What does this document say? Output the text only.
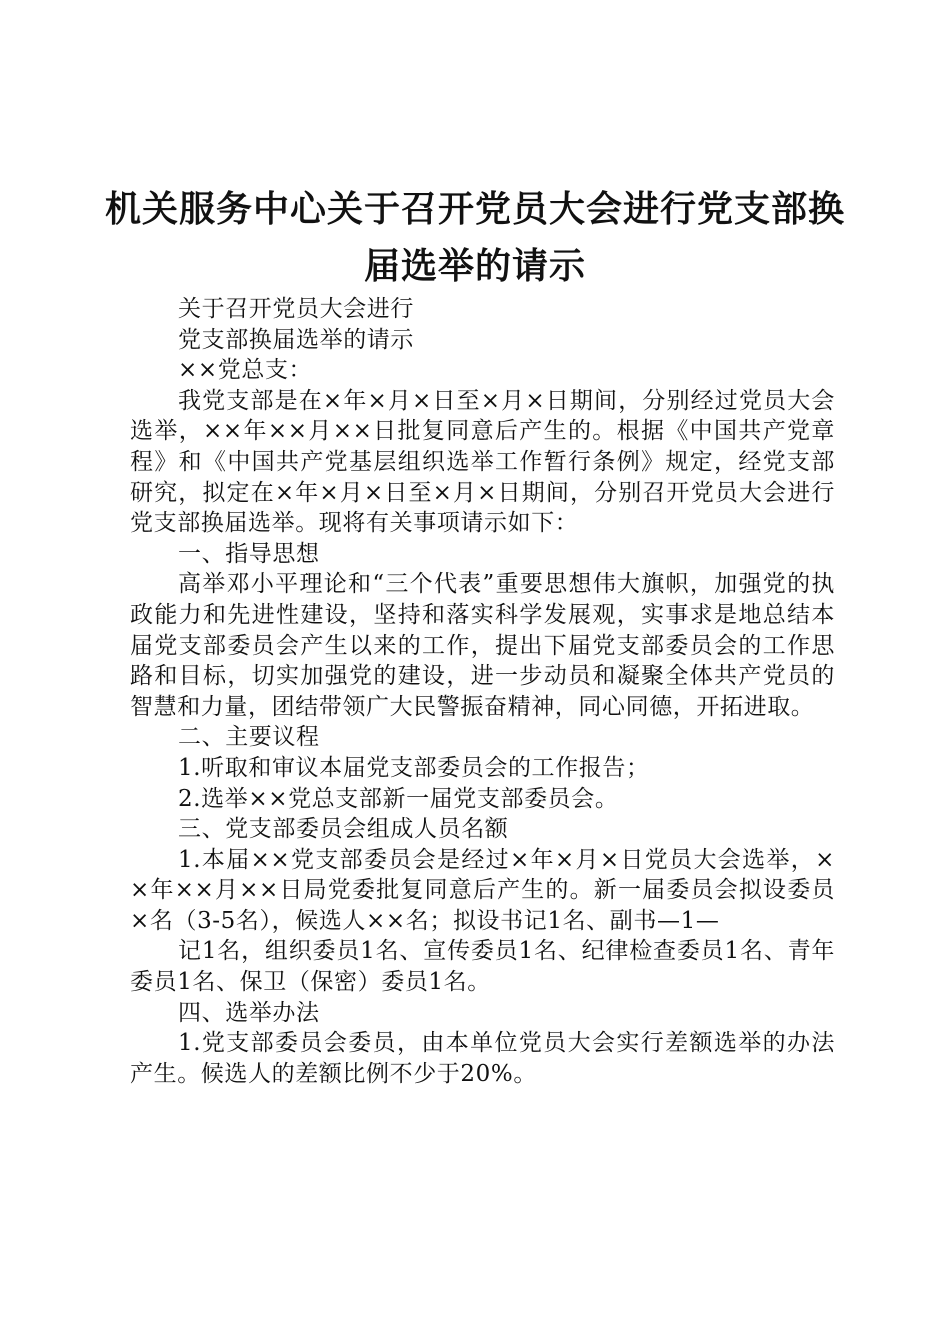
机关服务中心关于召开党员大会进行党支部换
届选举的请示

关于召开党员大会进行

党支部换届选举的请示

××党总支：

我党支部是在×年×月×日至×月×日期间，分别经过党员大会选举，××年××月××日批复同意后产生的。根据《中国共产党章程》和《中国共产党基层组织选举工作暂行条例》规定，经党支部研究，拟定在×年×月×日至×月×日期间，分别召开党员大会进行党支部换届选举。现将有关事项请示如下：

一、指导思想

高举邓小平理论和“三个代表”重要思想伟大旗帜，加强党的执政能力和先进性建设，坚持和落实科学发展观，实事求是地总结本届党支部委员会产生以来的工作，提出下届党支部委员会的工作思路和目标，切实加强党的建设，进一步动员和凝聚全体共产党员的智慧和力量，团结带领广大民警振奋精神，同心同德，开拓进取。

二、主要议程

1.听取和审议本届党支部委员会的工作报告；

2.选举××党总支部新一届党支部委员会。

三、党支部委员会组成人员名额

1.本届××党支部委员会是经过×年×月×日党员大会选举，××年××月××日局党委批复同意后产生的。新一届委员会拟设委员×名（3-5名），候选人××名；拟设书记1名、副书—1—

记1名，组织委员1名、宣传委员1名、纪律检查委员1名、青年委员1名、保卫（保密）委员1名。

四、选举办法

1.党支部委员会委员，由本单位党员大会实行差额选举的办法产生。候选人的差额比例不少于20%。
